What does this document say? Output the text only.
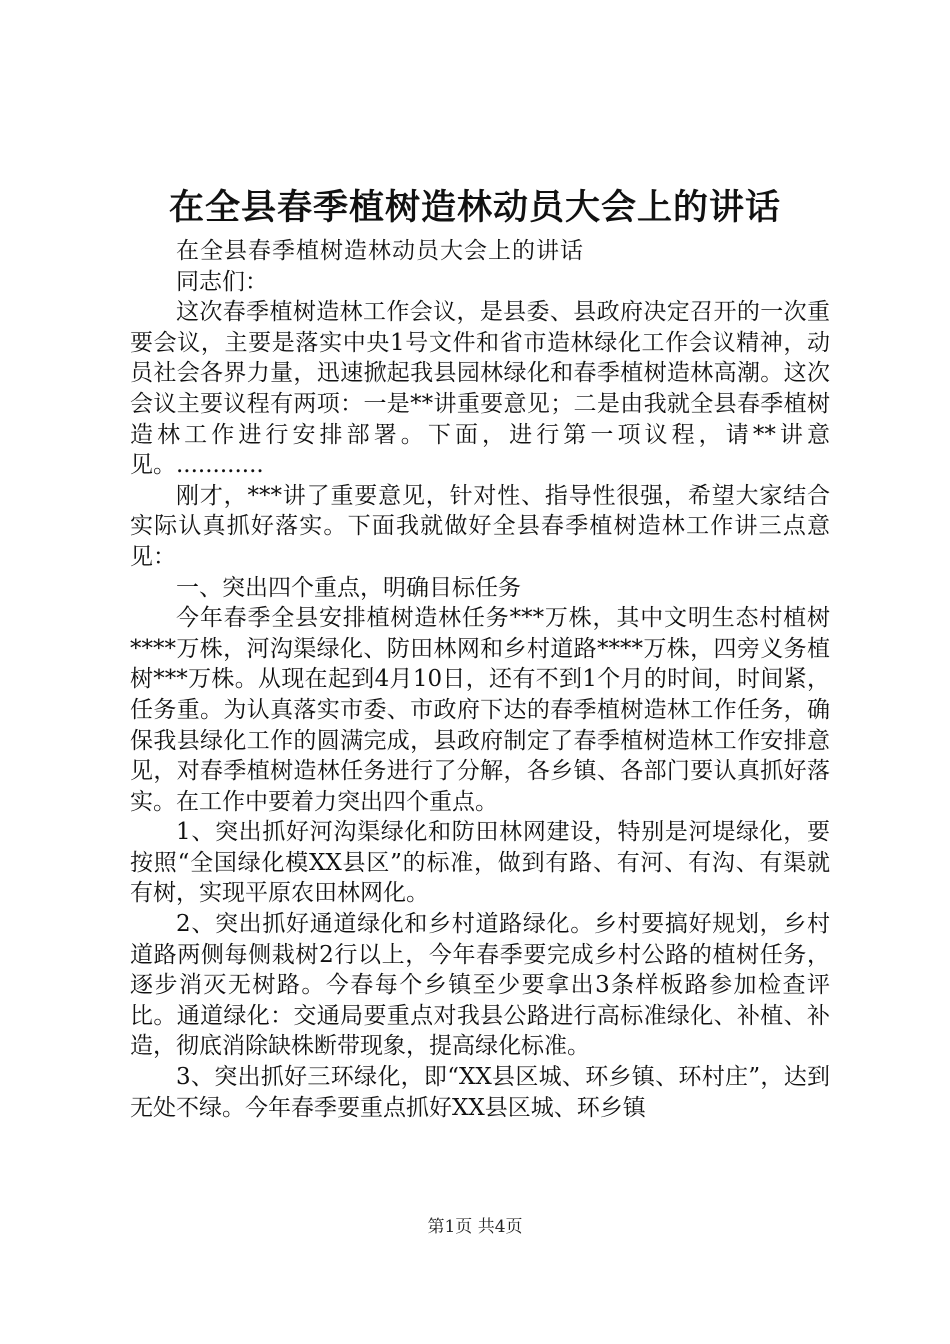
在全县春季植树造林动员大会上的讲话

在全县春季植树造林动员大会上的讲话

同志们：

这次春季植树造林工作会议，是县委、县政府决定召开的一次重要会议，主要是落实中央1号文件和省市造林绿化工作会议精神，动员社会各界力量，迅速掀起我县园林绿化和春季植树造林高潮。这次会议主要议程有两项：一是**讲重要意见；二是由我就全县春季植树造林工作进行安排部署。下面，进行第一项议程，请**讲意见。............

刚才，***讲了重要意见，针对性、指导性很强，希望大家结合实际认真抓好落实。下面我就做好全县春季植树造林工作讲三点意见：

一、突出四个重点，明确目标任务

今年春季全县安排植树造林任务***万株，其中文明生态村植树****万株，河沟渠绿化、防田林网和乡村道路****万株，四旁义务植树***万株。从现在起到4月10日，还有不到1个月的时间，时间紧，任务重。为认真落实市委、市政府下达的春季植树造林工作任务，确保我县绿化工作的圆满完成，县政府制定了春季植树造林工作安排意见，对春季植树造林任务进行了分解，各乡镇、各部门要认真抓好落实。在工作中要着力突出四个重点。

1、突出抓好河沟渠绿化和防田林网建设，特别是河堤绿化，要按照“全国绿化模XX县区”的标准，做到有路、有河、有沟、有渠就有树，实现平原农田林网化。

2、突出抓好通道绿化和乡村道路绿化。乡村要搞好规划，乡村道路两侧每侧栽树2行以上，今年春季要完成乡村公路的植树任务，逐步消灭无树路。今春每个乡镇至少要拿出3条样板路参加检查评比。通道绿化：交通局要重点对我县公路进行高标准绿化、补植、补造，彻底消除缺株断带现象，提高绿化标准。

3、突出抓好三环绿化，即“XX县区城、环乡镇、环村庄”，达到无处不绿。今年春季要重点抓好XX县区城、环乡镇

第1页 共4页
